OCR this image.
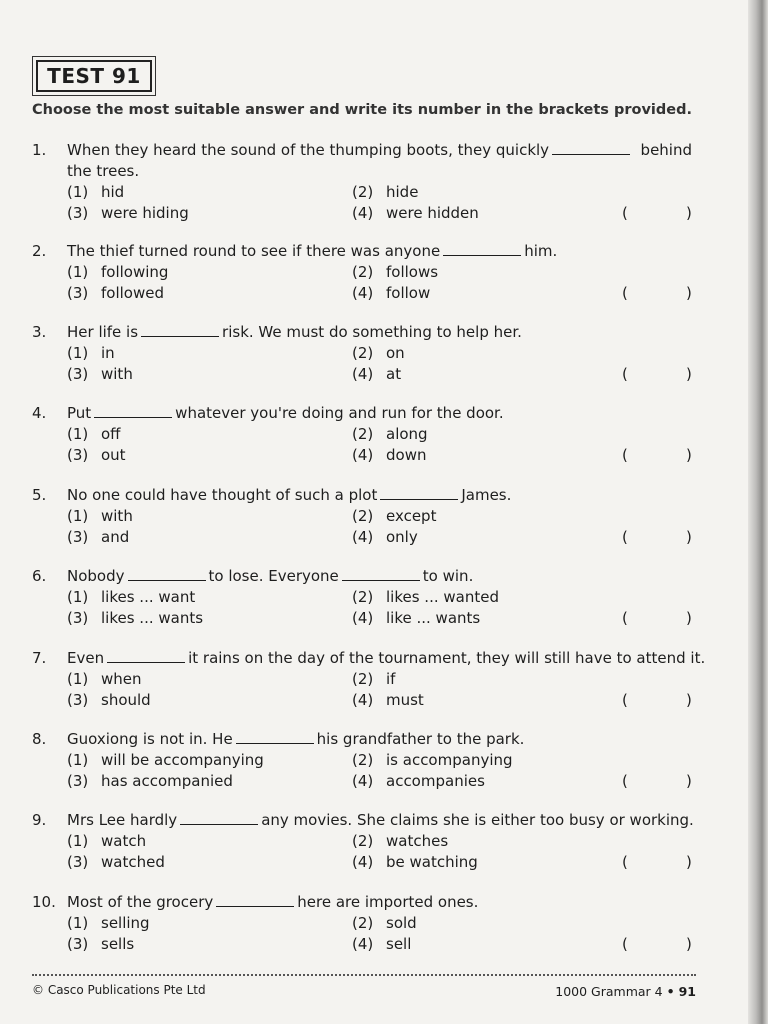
TEST 91
Choose the most suitable answer and write its number in the brackets provided.
1. When they heard the sound of the thumping boots, they quickly	behind
the trees.
(1) hid	(2) hide
(3) were hiding	(4) were hidden	(	)
2. The thief turned round to see if there was anyone	him.
(1) following	(2) follows
(3) followed	(4) follow	(	)
3. Her life is	risk. We must do something to help her.
(1) in	(2) on
(3) with	(4) at	(	)
4. Put	whatever you're doing and run for the door.
(1) off	(2) along
(3) out	(4) down	(	)
5. No one could have thought of such a plot	James.
(1) with	(2) except
(3) and	(4) only	(	)
6. Nobody	to lose. Everyone	to win.
(1) likes ... want	(2) likes ... wanted
(3) likes ... wants	(4) like ... wants	(	)
7. Even	it rains on the day of the tournament, they will still have to attend it.
(1) when	(2) if
(3) should	(4) must	(	)
8. Guoxiong is not in. He	his grandfather to the park.
(1) will be accompanying	(2) is accompanying
(3) has accompanied	(4) accompanies	(	)
9. Mrs Lee hardly	any movies. She claims she is either too busy or working.
(1) watch	(2) watches
(3) watched	(4) be watching	(	)
10. Most of the grocery	here are imported ones.
(1) selling	(2) sold
(3) sells	(4) sell	(	)
© Casco Publications Pte Ltd	1000 Grammar 4 • 91
